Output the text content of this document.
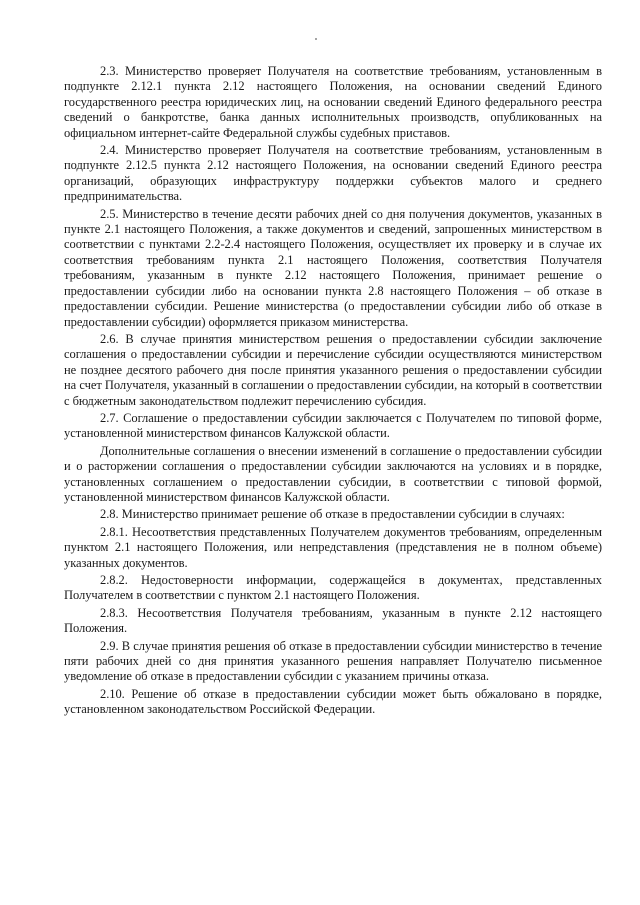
2.3. Министерство проверяет Получателя на соответствие требованиям, установленным в подпункте 2.12.1 пункта 2.12 настоящего Положения, на основании сведений Единого государственного реестра юридических лиц, на основании сведений Единого федерального реестра сведений о банкротстве, банка данных исполнительных производств, опубликованных на официальном интернет-сайте Федеральной службы судебных приставов.

2.4. Министерство проверяет Получателя на соответствие требованиям, установленным в подпункте 2.12.5 пункта 2.12 настоящего Положения, на основании сведений Единого реестра организаций, образующих инфраструктуру поддержки субъектов малого и среднего предпринимательства.

2.5. Министерство в течение десяти рабочих дней со дня получения документов, указанных в пункте 2.1 настоящего Положения, а также документов и сведений, запрошенных министерством в соответствии с пунктами 2.2-2.4 настоящего Положения, осуществляет их проверку и в случае их соответствия требованиям пункта 2.1 настоящего Положения, соответствия Получателя требованиям, указанным в пункте 2.12 настоящего Положения, принимает решение о предоставлении субсидии либо на основании пункта 2.8 настоящего Положения – об отказе в предоставлении субсидии. Решение министерства (о предоставлении субсидии либо об отказе в предоставлении субсидии) оформляется приказом министерства.

2.6. В случае принятия министерством решения о предоставлении субсидии заключение соглашения о предоставлении субсидии и перечисление субсидии осуществляются министерством не позднее десятого рабочего дня после принятия указанного решения о предоставлении субсидии на счет Получателя, указанный в соглашении о предоставлении субсидии, на который в соответствии с бюджетным законодательством подлежит перечислению субсидия.

2.7. Соглашение о предоставлении субсидии заключается с Получателем по типовой форме, установленной министерством финансов Калужской области.

Дополнительные соглашения о внесении изменений в соглашение о предоставлении субсидии и о расторжении соглашения о предоставлении субсидии заключаются на условиях и в порядке, установленных соглашением о предоставлении субсидии, в соответствии с типовой формой, установленной министерством финансов Калужской области.

2.8. Министерство принимает решение об отказе в предоставлении субсидии в случаях:

2.8.1. Несоответствия представленных Получателем документов требованиям, определенным пунктом 2.1 настоящего Положения, или непредставления (представления не в полном объеме) указанных документов.

2.8.2. Недостоверности информации, содержащейся в документах, представленных Получателем в соответствии с пунктом 2.1 настоящего Положения.

2.8.3. Несоответствия Получателя требованиям, указанным в пункте 2.12 настоящего Положения.

2.9. В случае принятия решения об отказе в предоставлении субсидии министерство в течение пяти рабочих дней со дня принятия указанного решения направляет Получателю письменное уведомление об отказе в предоставлении субсидии с указанием причины отказа.

2.10. Решение об отказе в предоставлении субсидии может быть обжаловано в порядке, установленном законодательством Российской Федерации.
